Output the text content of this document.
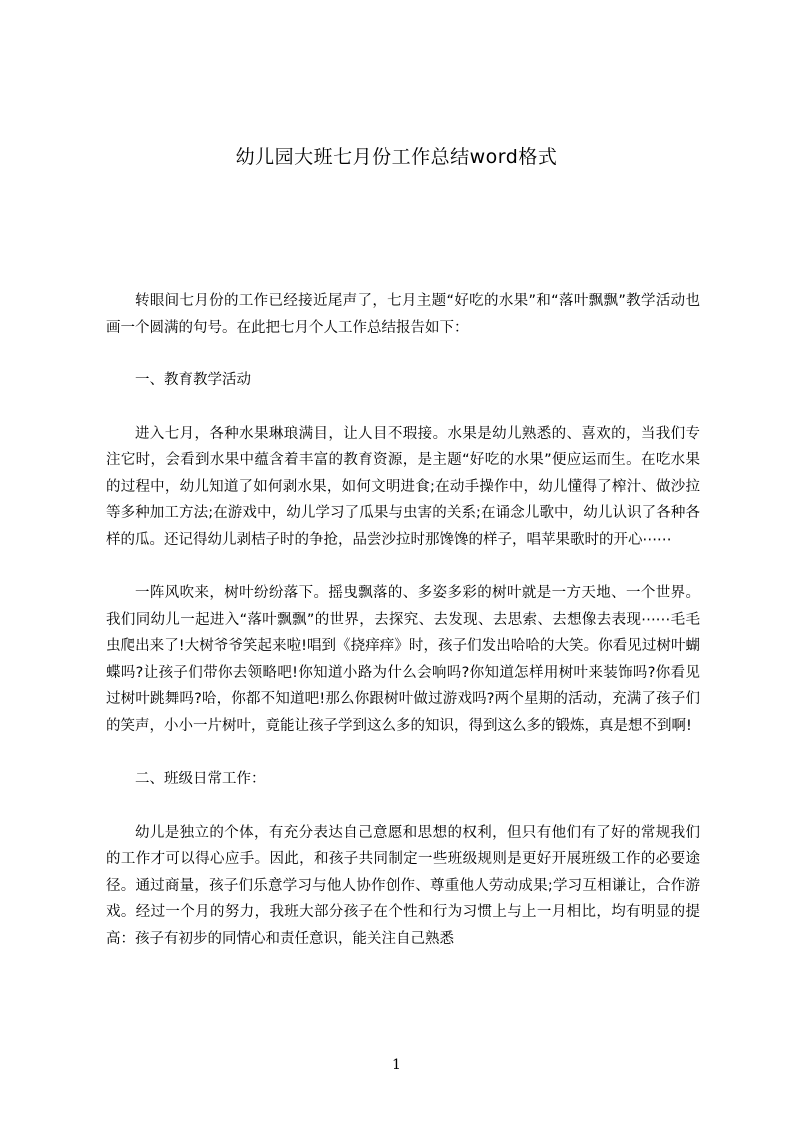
幼儿园大班七月份工作总结word格式

转眼间七月份的工作已经接近尾声了，七月主题“好吃的水果”和“落叶飘飘”教学活动也画一个圆满的句号。在此把七月个人工作总结报告如下：

一、教育教学活动

进入七月，各种水果琳琅满目，让人目不瑕接。水果是幼儿熟悉的、喜欢的，当我们专注它时，会看到水果中蕴含着丰富的教育资源，是主题“好吃的水果”便应运而生。在吃水果的过程中，幼儿知道了如何剥水果，如何文明进食;在动手操作中，幼儿懂得了榨汁、做沙拉等多种加工方法;在游戏中，幼儿学习了瓜果与虫害的关系;在诵念儿歌中，幼儿认识了各种各样的瓜。还记得幼儿剥桔子时的争抢，品尝沙拉时那馋馋的样子，唱苹果歌时的开心⋯⋯

一阵风吹来，树叶纷纷落下。摇曳飘落的、多姿多彩的树叶就是一方天地、一个世界。我们同幼儿一起进入“落叶飘飘”的世界，去探究、去发现、去思索、去想像去表现⋯⋯毛毛虫爬出来了!大树爷爷笑起来啦!唱到《挠痒痒》时，孩子们发出哈哈的大笑。你看见过树叶蝴蝶吗?让孩子们带你去领略吧!你知道小路为什么会响吗?你知道怎样用树叶来装饰吗?你看见过树叶跳舞吗?哈，你都不知道吧!那么你跟树叶做过游戏吗?两个星期的活动，充满了孩子们的笑声，小小一片树叶，竟能让孩子学到这么多的知识，得到这么多的锻炼，真是想不到啊!

二、班级日常工作：

幼儿是独立的个体，有充分表达自己意愿和思想的权利，但只有他们有了好的常规我们的工作才可以得心应手。因此，和孩子共同制定一些班级规则是更好开展班级工作的必要途径。通过商量，孩子们乐意学习与他人协作创作、尊重他人劳动成果;学习互相谦让，合作游戏。经过一个月的努力，我班大部分孩子在个性和行为习惯上与上一月相比，均有明显的提高：孩子有初步的同情心和责任意识，能关注自己熟悉

1
